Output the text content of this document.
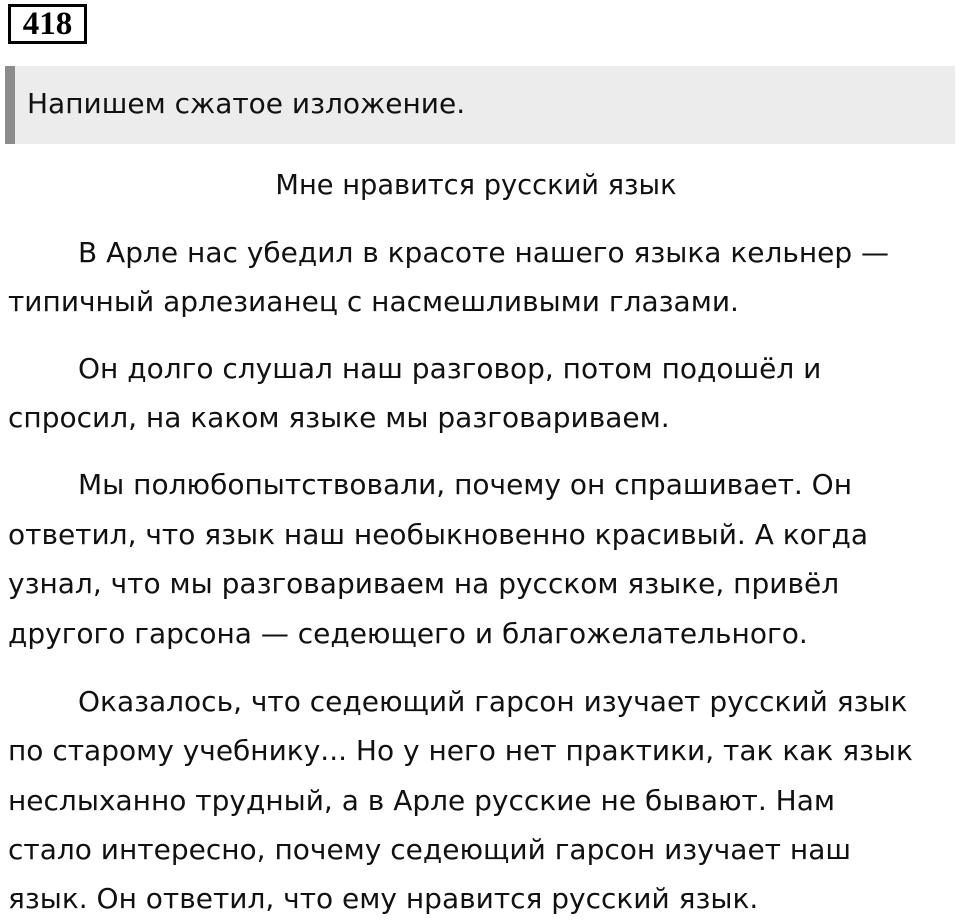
418
Напишем сжатое изложение.
Мне нравится русский язык
В Арле нас убедил в красоте нашего языка кельнер —
типичный арлезианец с насмешливыми глазами.
Он долго слушал наш разговор, потом подошёл и
спросил, на каком языке мы разговариваем.
Мы полюбопытствовали, почему он спрашивает. Он
ответил, что язык наш необыкновенно красивый. А когда
узнал, что мы разговариваем на русском языке, привёл
другого гарсона — седеющего и благожелательного.
Оказалось, что седеющий гарсон изучает русский язык
по старому учебнику... Но у него нет практики, так как язык
неслыханно трудный, а в Арле русские не бывают. Нам
стало интересно, почему седеющий гарсон изучает наш
язык. Он ответил, что ему нравится русский язык.
